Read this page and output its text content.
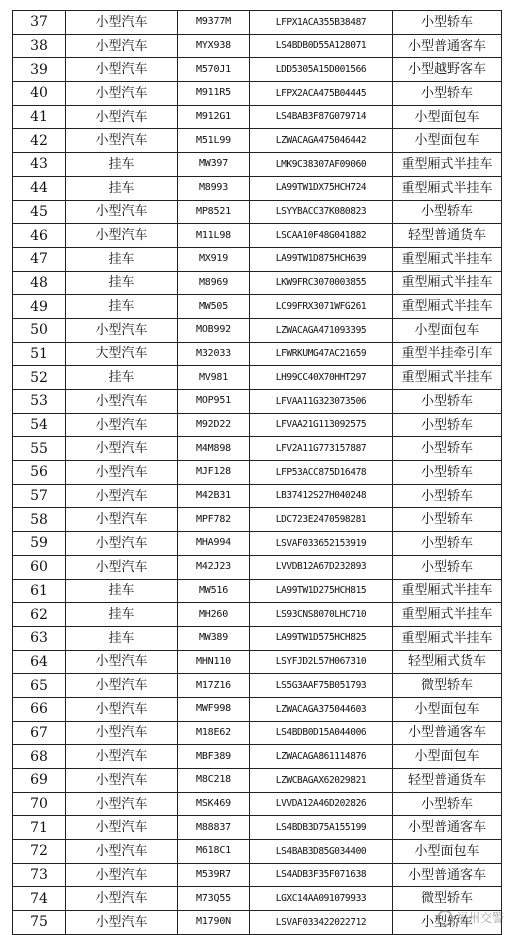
37	小型汽车	M9377M	LFPX1ACA355B38487	小型轿车
38	小型汽车	MYX938	LS4BDB0D55A128071	小型普通客车
39	小型汽车	M570J1	LDD5305A15D001566	小型越野客车
40	小型汽车	M911R5	LFPX2ACA475B04445	小型轿车
41	小型汽车	M912G1	LS4BAB3F87G079714	小型面包车
42	小型汽车	M51L99	LZWACAGA475046442	小型面包车
43	挂车	MW397	LMK9C38307AF09060	重型厢式半挂车
44	挂车	M8993	LA99TW1DX75HCH724	重型厢式半挂车
45	小型汽车	MP8521	LSYYBACC37K080823	小型轿车
46	小型汽车	M11L98	LSCAA10F48G041882	轻型普通货车
47	挂车	MX919	LA99TW1D875HCH639	重型厢式半挂车
48	挂车	M8969	LKW9FRC3070003855	重型厢式半挂车
49	挂车	MW505	LC99FRX3071WFG261	重型厢式半挂车
50	小型汽车	MOB992	LZWACAGA471093395	小型面包车
51	大型汽车	M32033	LFWRKUMG47AC21659	重型半挂牵引车
52	挂车	MV981	LH99CC40X70HHT297	重型厢式半挂车
53	小型汽车	MOP951	LFVAA11G323073506	小型轿车
54	小型汽车	M92D22	LFVAA21G113092575	小型轿车
55	小型汽车	M4M898	LFV2A11G773157887	小型轿车
56	小型汽车	MJF128	LFP53ACC875D16478	小型轿车
57	小型汽车	M42B31	LB37412S27H040248	小型轿车
58	小型汽车	MPF782	LDC723E2470598281	小型轿车
59	小型汽车	MHA994	LSVAF033652153919	小型轿车
60	小型汽车	M42J23	LVVDB12A67D232893	小型轿车
61	挂车	MW516	LA99TW1D275HCH815	重型厢式半挂车
62	挂车	MH260	LS93CNS8070LHC710	重型厢式半挂车
63	挂车	MW389	LA99TW1D575HCH825	重型厢式半挂车
64	小型汽车	MHN110	LSYFJD2L57H067310	轻型厢式货车
65	小型汽车	M17Z16	LS5G3AAF75B051793	微型轿车
66	小型汽车	MWF998	LZWACAGA375044603	小型面包车
67	小型汽车	M18E62	LS4BDB0D15A044006	小型普通客车
68	小型汽车	MBF389	LZWACAGA861114876	小型面包车
69	小型汽车	M8C218	LZWCBAGAX62029821	轻型普通货车
70	小型汽车	MSK469	LVVDA12A46D202826	小型轿车
71	小型汽车	M88837	LS4BDB3D75A155199	小型普通客车
72	小型汽车	M618C1	LS4BAB3D85G034400	小型面包车
73	小型汽车	M539R7	LS4ADB3F35F071638	小型普通客车
74	小型汽车	M73Q55	LGXC14AA091079933	微型轿车
75	小型汽车	M1790N	LSVAF033422022712	小型轿车
福州交警
